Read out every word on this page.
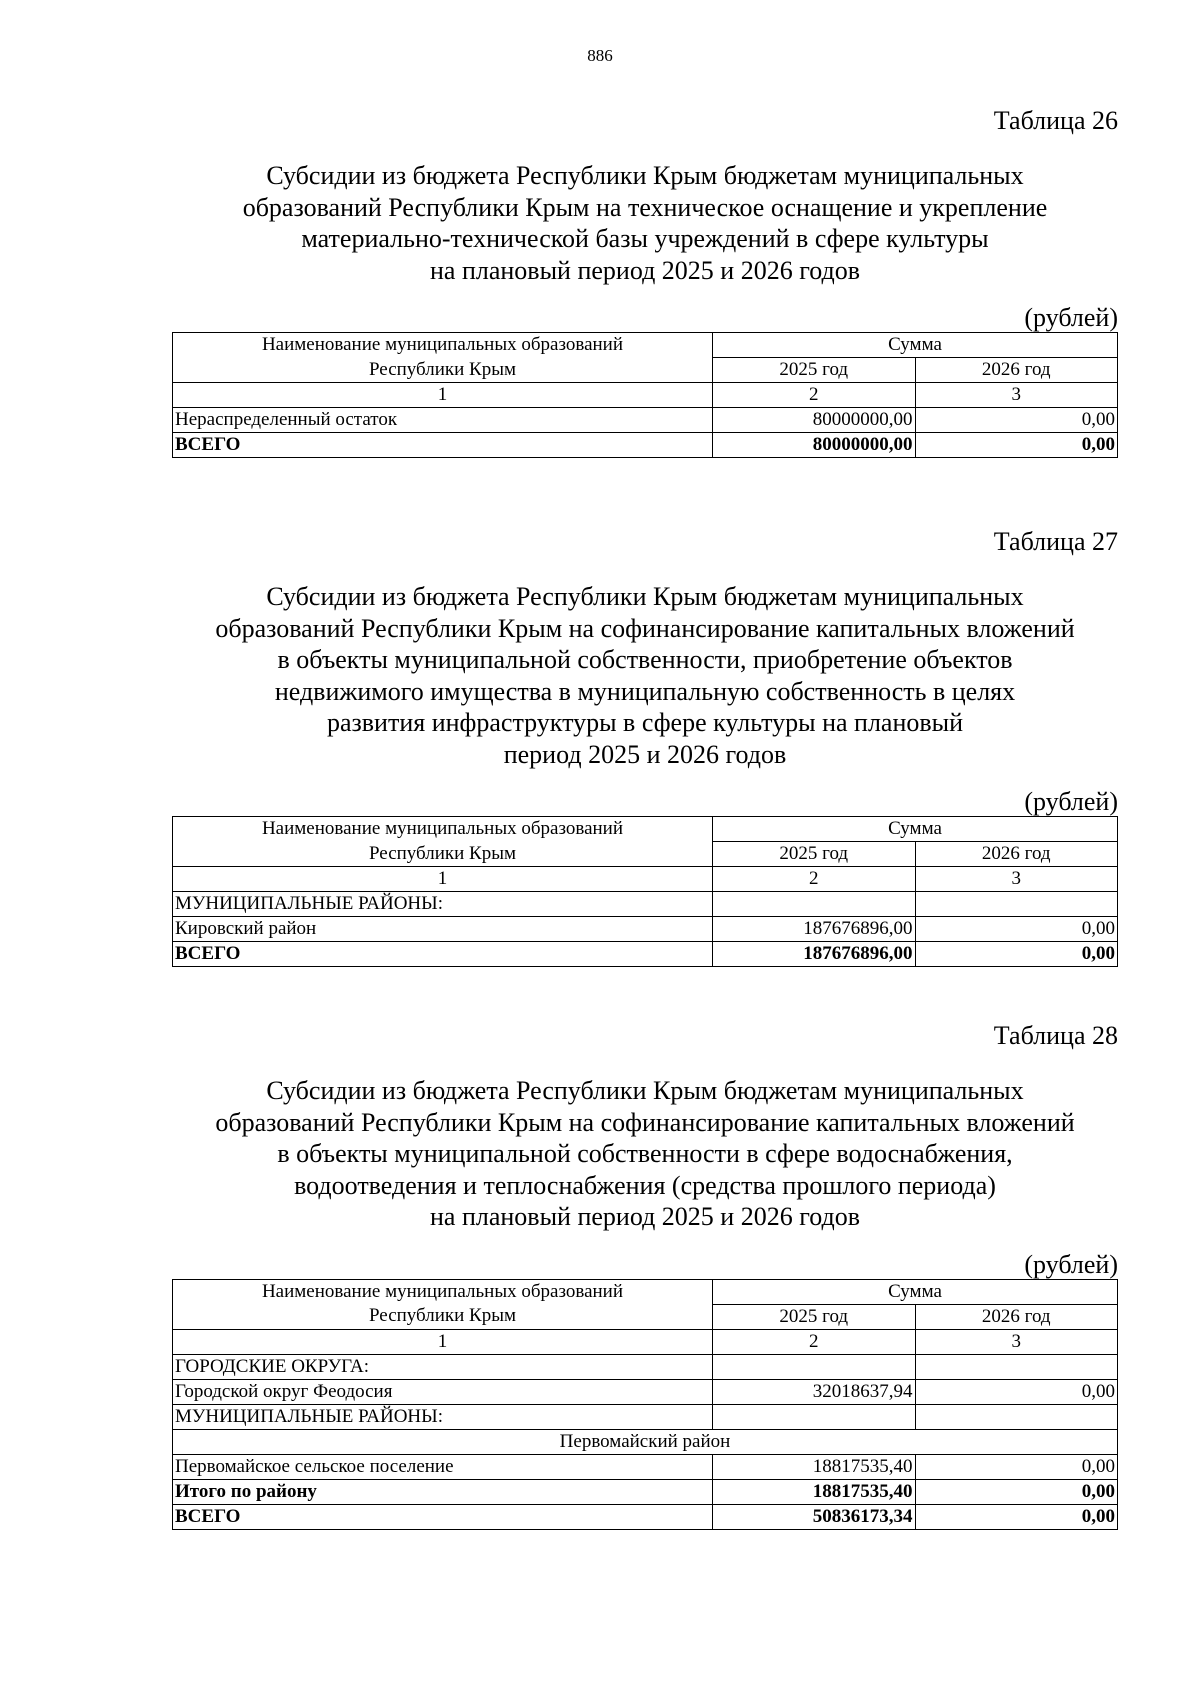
886
Таблица 26
Субсидии из бюджета Республики Крым бюджетам муниципальных
образований Республики Крым на техническое оснащение и укрепление
материально-технической базы учреждений в сфере культуры
на плановый период 2025 и 2026 годов
(рублей)
Наименование муниципальных образований	Сумма	
Республики Крым	2025 год	2026 год
1	2	3
Нераспределенный остаток	80000000,00	0,00
ВСЕГО	80000000,00	0,00
Таблица 27
Субсидии из бюджета Республики Крым бюджетам муниципальных
образований Республики Крым на софинансирование капитальных вложений
в объекты муниципальной собственности, приобретение объектов
недвижимого имущества в муниципальную собственность в целях
развития инфраструктуры в сфере культуры на плановый
период 2025 и 2026 годов
(рублей)
Наименование муниципальных образований	Сумма	
Республики Крым	2025 год	2026 год
1	2	3
МУНИЦИПАЛЬНЫЕ РАЙОНЫ:		
Кировский район	187676896,00	0,00
ВСЕГО	187676896,00	0,00
Таблица 28
Субсидии из бюджета Республики Крым бюджетам муниципальных
образований Республики Крым на софинансирование капитальных вложений
в объекты муниципальной собственности в сфере водоснабжения,
водоотведения и теплоснабжения (средства прошлого периода)
на плановый период 2025 и 2026 годов
(рублей)
Наименование муниципальных образований	Сумма	
Республики Крым	2025 год	2026 год
1	2	3
ГОРОДСКИЕ ОКРУГА:		
Городской округ Феодосия	32018637,94	0,00
МУНИЦИПАЛЬНЫЕ РАЙОНЫ:		
Первомайский район		
Первомайское сельское поселение	18817535,40	0,00
Итого по району	18817535,40	0,00
ВСЕГО	50836173,34	0,00
